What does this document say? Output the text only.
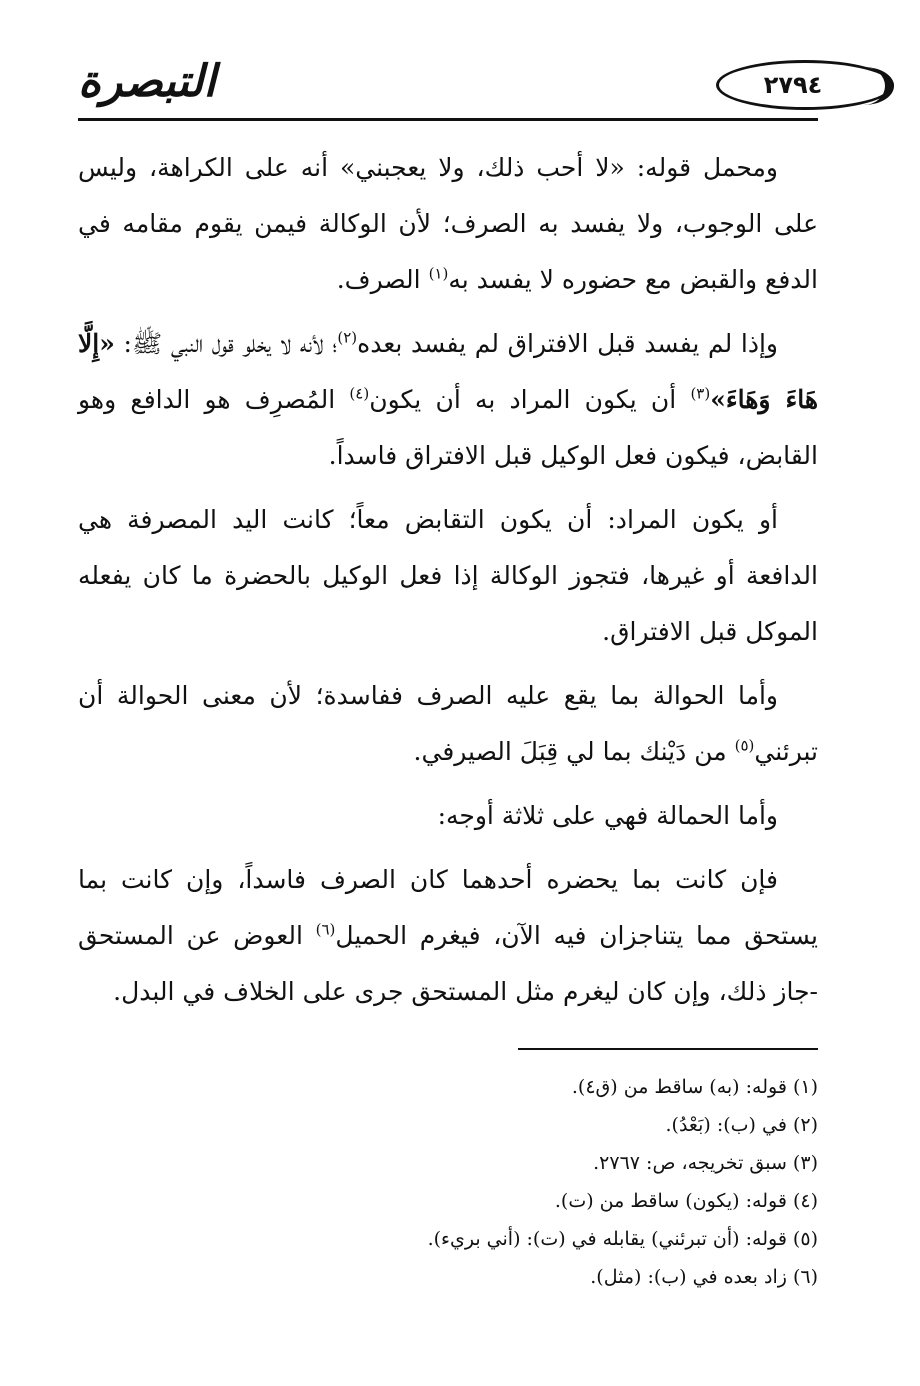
التبصرة	٢٧٩٤

ومحمل قوله: «لا أحب ذلك، ولا يعجبني» أنه على الكراهة، وليس على الوجوب، ولا يفسد به الصرف؛ لأن الوكالة فيمن يقوم مقامه في الدفع والقبض مع حضوره لا يفسد به$^{(١)}$ الصرف.

وإذا لم يفسد قبل الافتراق لم يفسد بعده$^{(٢)}$؛ لأنه لا يخلو قول النبي ﷺ: «إِلَّا هَاءَ وَهَاءَ»$^{(٣)}$ أن يكون المراد به أن يكون$^{(٤)}$ المُصرِف هو الدافع وهو القابض، فيكون فعل الوكيل قبل الافتراق فاسداً.

أو يكون المراد: أن يكون التقابض معاً؛ كانت اليد المصرفة هي الدافعة أو غيرها، فتجوز الوكالة إذا فعل الوكيل بالحضرة ما كان يفعله الموكل قبل الافتراق.

وأما الحوالة بما يقع عليه الصرف ففاسدة؛ لأن معنى الحوالة أن تبرئني$^{(٥)}$ من دَيْنك بما لي قِبَلَ الصيرفي.

وأما الحمالة فهي على ثلاثة أوجه:

فإن كانت بما يحضره أحدهما كان الصرف فاسداً، وإن كانت بما يستحق مما يتناجزان فيه الآن، فيغرم الحميل$^{(٦)}$ العوض عن المستحق -جاز ذلك، وإن كان ليغرم مثل المستحق جرى على الخلاف في البدل.

(١) قوله: (به) ساقط من (ق٤).
(٢) في (ب): (بَعْدُ).
(٣) سبق تخريجه، ص: ٢٧٦٧.
(٤) قوله: (يكون) ساقط من (ت).
(٥) قوله: (أن تبرئني) يقابله في (ت): (أني بريء).
(٦) زاد بعده في (ب): (مثل).
